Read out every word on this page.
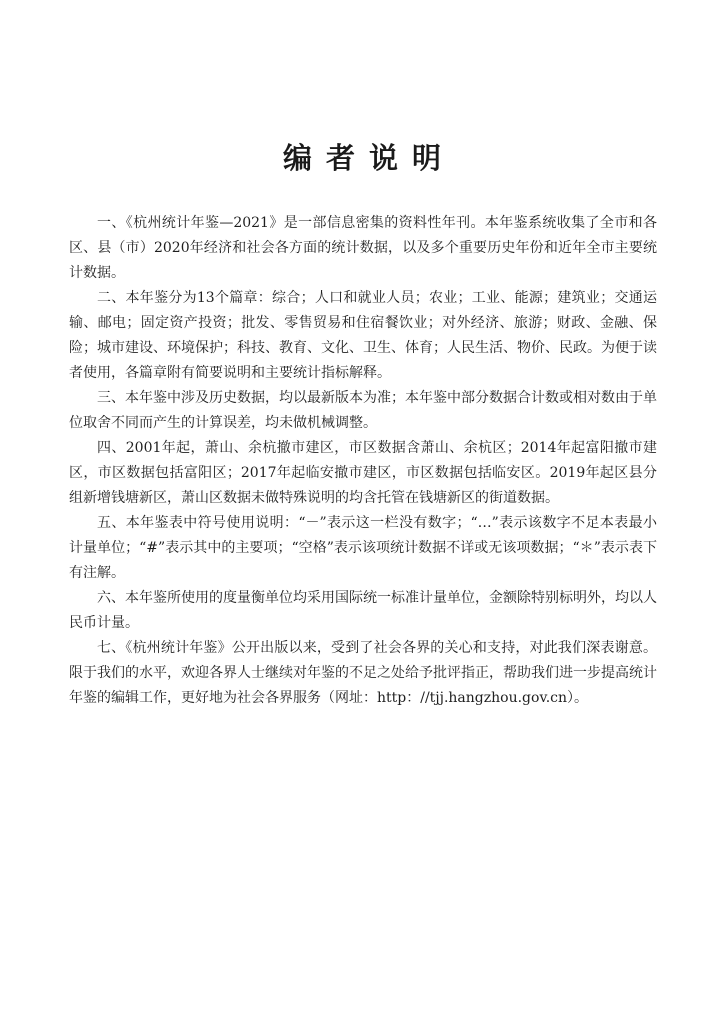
编者说明

一、《杭州统计年鉴—2021》是一部信息密集的资料性年刊。本年鉴系统收集了全市和各区、县（市）2020年经济和社会各方面的统计数据，以及多个重要历史年份和近年全市主要统计数据。

二、本年鉴分为13个篇章：综合；人口和就业人员；农业；工业、能源；建筑业；交通运输、邮电；固定资产投资；批发、零售贸易和住宿餐饮业；对外经济、旅游；财政、金融、保险；城市建设、环境保护；科技、教育、文化、卫生、体育；人民生活、物价、民政。为便于读者使用，各篇章附有简要说明和主要统计指标解释。

三、本年鉴中涉及历史数据，均以最新版本为准；本年鉴中部分数据合计数或相对数由于单位取舍不同而产生的计算误差，均未做机械调整。

四、2001年起，萧山、余杭撤市建区，市区数据含萧山、余杭区；2014年起富阳撤市建区，市区数据包括富阳区；2017年起临安撤市建区，市区数据包括临安区。2019年起区县分组新增钱塘新区，萧山区数据未做特殊说明的均含托管在钱塘新区的街道数据。

五、本年鉴表中符号使用说明：“－”表示这一栏没有数字；“…”表示该数字不足本表最小计量单位；“#”表示其中的主要项；“空格”表示该项统计数据不详或无该项数据；“＊”表示表下有注解。

六、本年鉴所使用的度量衡单位均采用国际统一标准计量单位，金额除特别标明外，均以人民币计量。

七、《杭州统计年鉴》公开出版以来，受到了社会各界的关心和支持，对此我们深表谢意。限于我们的水平，欢迎各界人士继续对年鉴的不足之处给予批评指正，帮助我们进一步提高统计年鉴的编辑工作，更好地为社会各界服务（网址：http：//tjj.hangzhou.gov.cn）。
